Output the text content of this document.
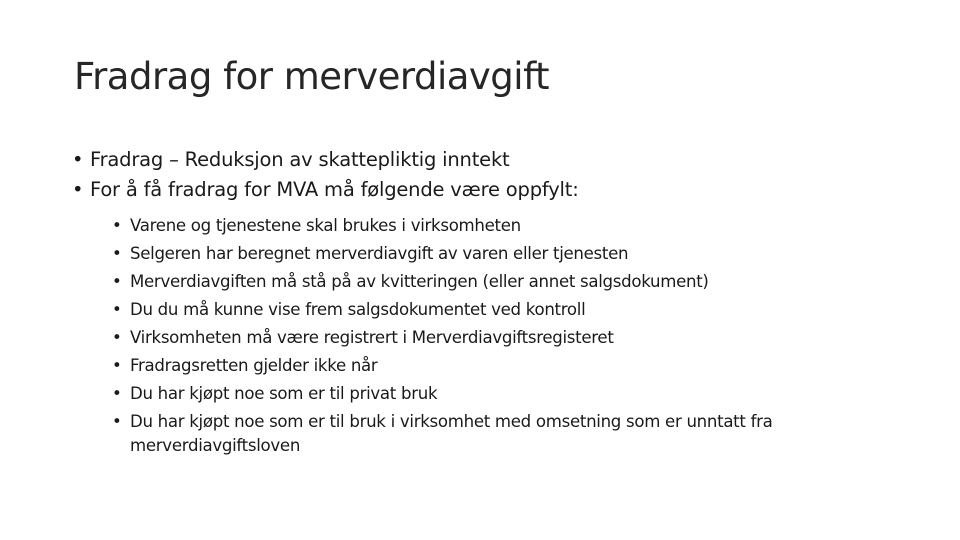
Fradrag for merverdiavgift
• Fradrag – Reduksjon av skattepliktig inntekt
• For å få fradrag for MVA må følgende være oppfylt:
• Varene og tjenestene skal brukes i virksomheten
• Selgeren har beregnet merverdiavgift av varen eller tjenesten
• Merverdiavgiften må stå på av kvitteringen (eller annet salgsdokument)
• Du du må kunne vise frem salgsdokumentet ved kontroll
• Virksomheten må være registrert i Merverdiavgiftsregisteret
• Fradragsretten gjelder ikke når
• Du har kjøpt noe som er til privat bruk
• Du har kjøpt noe som er til bruk i virksomhet med omsetning som er unntatt fra merverdiavgiftsloven
